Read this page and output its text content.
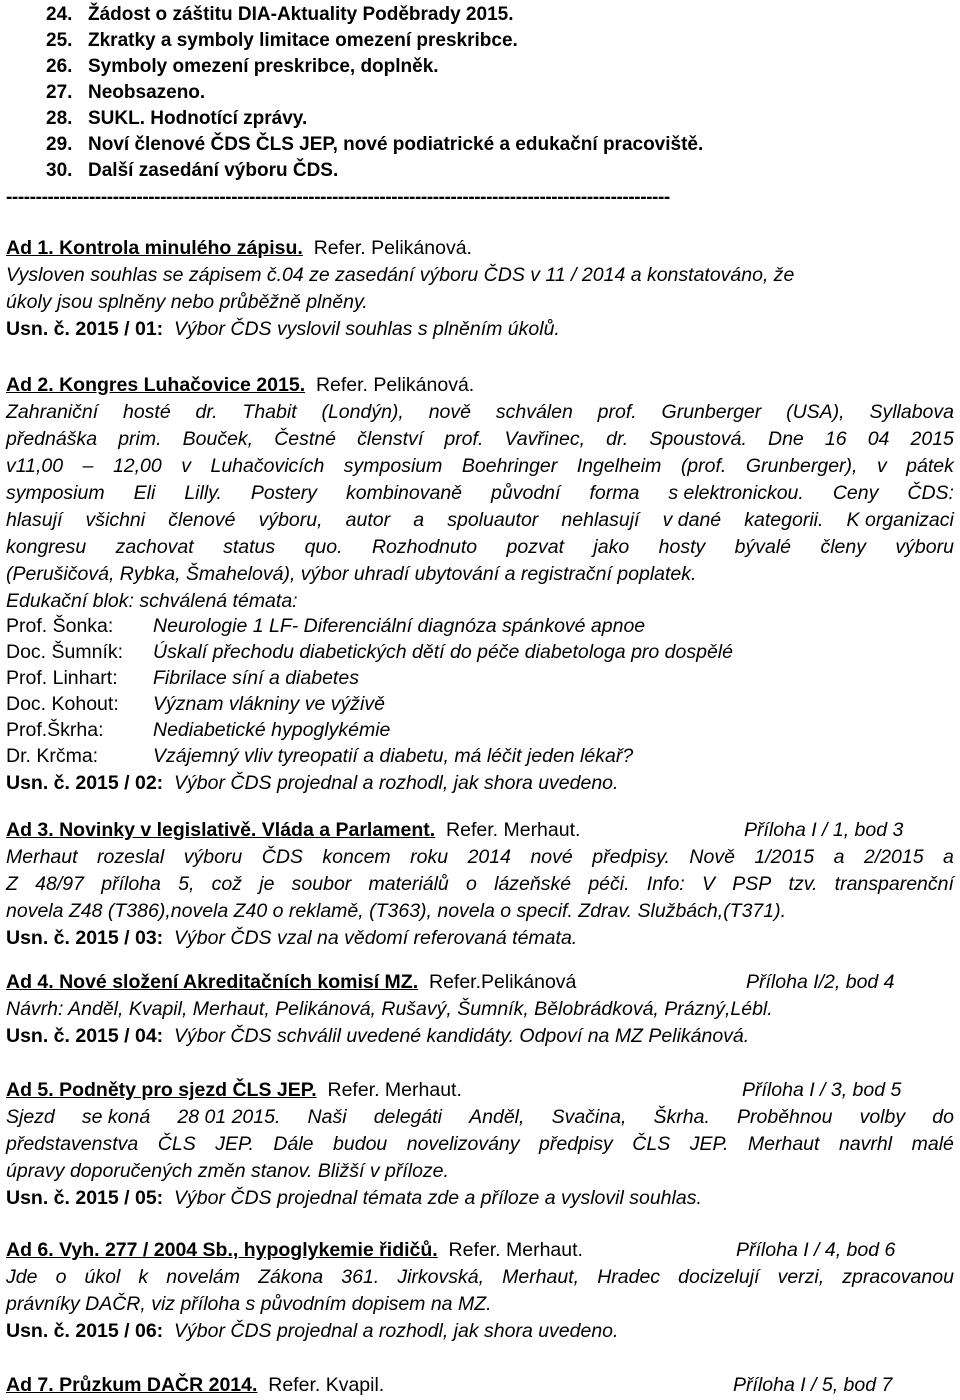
24. Žádost o záštitu DIA-Aktuality Poděbrady 2015.
25. Zkratky a symboly limitace omezení preskribce.
26. Symboly omezení preskribce, doplněk.
27. Neobsazeno.
28. SUKL. Hodnotící zprávy.
29. Noví členové ČDS ČLS JEP, nové podiatrické a edukační pracoviště.
30. Další zasedání výboru ČDS.
----------------------------------------------------------------------------------------------------------------
Ad 1. Kontrola minulého zápisu. Refer. Pelikánová.
Vysloven souhlas se zápisem č.04 ze zasedání výboru ČDS v 11 / 2014 a konstatováno, že
úkoly jsou splněny nebo průběžně plněny.
Usn. č. 2015 / 01: Výbor ČDS vyslovil souhlas s plněním úkolů.
Ad 2. Kongres Luhačovice 2015. Refer. Pelikánová.
Zahraniční hosté dr. Thabit (Londýn), nově schválen prof. Grunberger (USA), Syllabova
přednáška prim. Bouček, Čestné členství prof. Vavřinec, dr. Spoustová. Dne 16 04 2015
v11,00 – 12,00 v Luhačovicích symposium Boehringer Ingelheim (prof. Grunberger), v pátek
symposium Eli Lilly. Postery kombinovaně původní forma s elektronickou. Ceny ČDS:
hlasují všichni členové výboru, autor a spoluautor nehlasují v dané kategorii. K organizaci
kongresu zachovat status quo. Rozhodnuto pozvat jako hosty bývalé členy výboru
(Perušičová, Rybka, Šmahelová), výbor uhradí ubytování a registrační poplatek.
Edukační blok: schválená témata:
Prof. Šonka: Neurologie 1 LF- Diferenciální diagnóza spánkové apnoe
Doc. Šumník: Úskalí přechodu diabetických dětí do péče diabetologa pro dospělé
Prof. Linhart: Fibrilace síní a diabetes
Doc. Kohout: Význam vlákniny ve výživě
Prof.Škrha:	Nediabetické hypoglykémie
Dr. Krčma:	Vzájemný vliv tyreopatií a diabetu, má léčit jeden lékař?
Usn. č. 2015 / 02: Výbor ČDS projednal a rozhodl, jak shora uvedeno.
Ad 3. Novinky v legislativě. Vláda a Parlament. Refer. Merhaut.	Příloha I / 1, bod 3
Merhaut rozeslal výboru ČDS koncem roku 2014 nové předpisy. Nově 1/2015 a 2/2015 a
Z 48/97 příloha 5, což je soubor materiálů o lázeňské péči. Info: V PSP tzv. transparenční
novela Z48 (T386),novela Z40 o reklamě, (T363), novela o specif. Zdrav. Službách,(T371).
Usn. č. 2015 / 03: Výbor ČDS vzal na vědomí referovaná témata.
Ad 4. Nové složení Akreditačních komisí MZ. Refer.Pelikánová	Příloha I/2, bod 4
Návrh: Anděl, Kvapil, Merhaut, Pelikánová, Rušavý, Šumník, Bělobrádková, Prázný,Lébl.
Usn. č. 2015 / 04: Výbor ČDS schválil uvedené kandidáty. Odpoví na MZ Pelikánová.
Ad 5. Podněty pro sjezd ČLS JEP. Refer. Merhaut.	Příloha I / 3, bod 5
Sjezd se koná 28 01 2015. Naši delegáti Anděl, Svačina, Škrha. Proběhnou volby do
představenstva ČLS JEP. Dále budou novelizovány předpisy ČLS JEP. Merhaut navrhl malé
úpravy doporučených změn stanov. Bližší v příloze.
Usn. č. 2015 / 05: Výbor ČDS projednal témata zde a příloze a vyslovil souhlas.
Ad 6. Vyh. 277 / 2004 Sb., hypoglykemie řidičů. Refer. Merhaut.	Příloha I / 4, bod 6
Jde o úkol k novelám Zákona 361. Jirkovská, Merhaut, Hradec docizelují verzi, zpracovanou
právníky DAČR, viz příloha s původním dopisem na MZ.
Usn. č. 2015 / 06: Výbor ČDS projednal a rozhodl, jak shora uvedeno.
Ad 7. Průzkum DAČR 2014. Refer. Kvapil.	Příloha I / 5, bod 7
